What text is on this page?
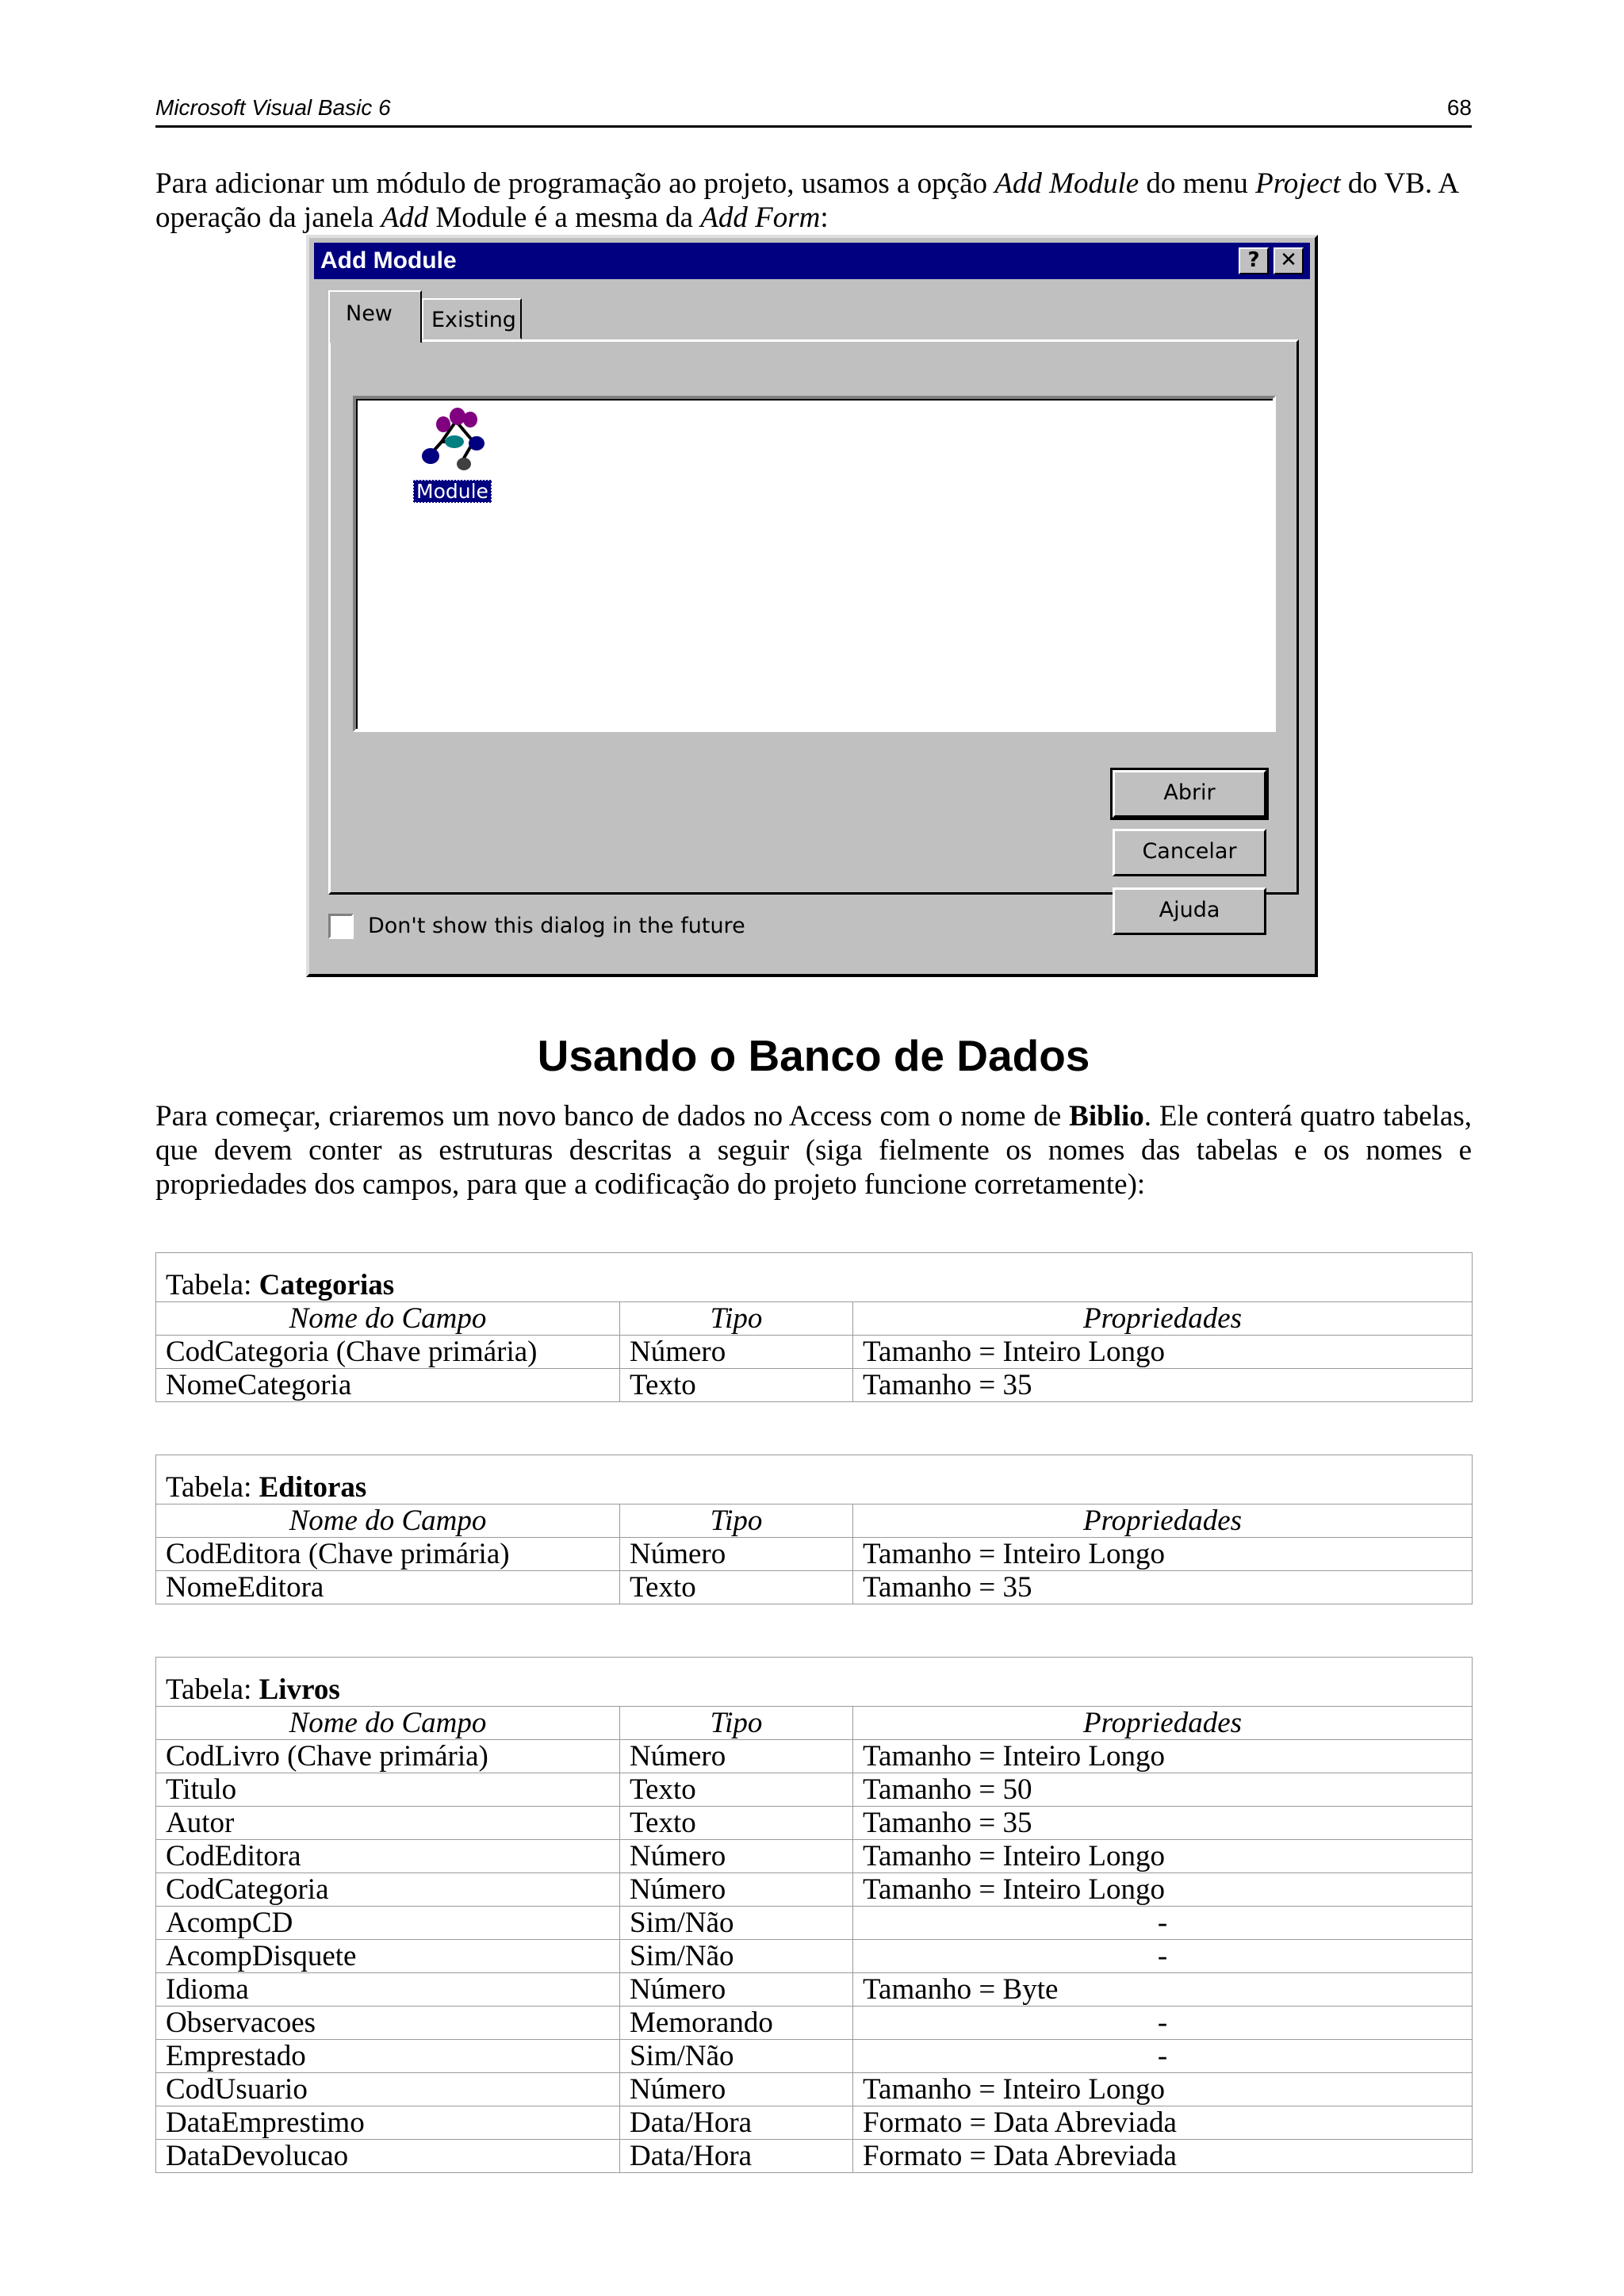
Microsoft Visual Basic 6	68
Para adicionar um módulo de programação ao projeto, usamos a opção Add Module do menu Project do VB. A operação da janela Add Module é a mesma da Add Form:
Add Module	? ✕
New Existing
Module
Abrir
Cancelar
Ajuda
Don't show this dialog in the future
Usando o Banco de Dados
Para começar, criaremos um novo banco de dados no Access com o nome de Biblio. Ele conterá quatro tabelas, que devem conter as estruturas descritas a seguir (siga fielmente os nomes das tabelas e os nomes e propriedades dos campos, para que a codificação do projeto funcione corretamente):
Tabela: Categorias		
Nome do Campo	Tipo	Propriedades
CodCategoria (Chave primária)	Número	Tamanho = Inteiro Longo
NomeCategoria	Texto	Tamanho = 35
Tabela: Editoras		
Nome do Campo	Tipo	Propriedades
CodEditora (Chave primária)	Número	Tamanho = Inteiro Longo
NomeEditora	Texto	Tamanho = 35
Tabela: Livros		
Nome do Campo	Tipo	Propriedades
CodLivro (Chave primária)	Número	Tamanho = Inteiro Longo
Titulo	Texto	Tamanho = 50
Autor	Texto	Tamanho = 35
CodEditora	Número	Tamanho = Inteiro Longo
CodCategoria	Número	Tamanho = Inteiro Longo
AcompCD	Sim/Não	-
AcompDisquete	Sim/Não	-
Idioma	Número	Tamanho = Byte
Observacoes	Memorando	-
Emprestado	Sim/Não	-
CodUsuario	Número	Tamanho = Inteiro Longo
DataEmprestimo	Data/Hora	Formato = Data Abreviada
DataDevolucao	Data/Hora	Formato = Data Abreviada
